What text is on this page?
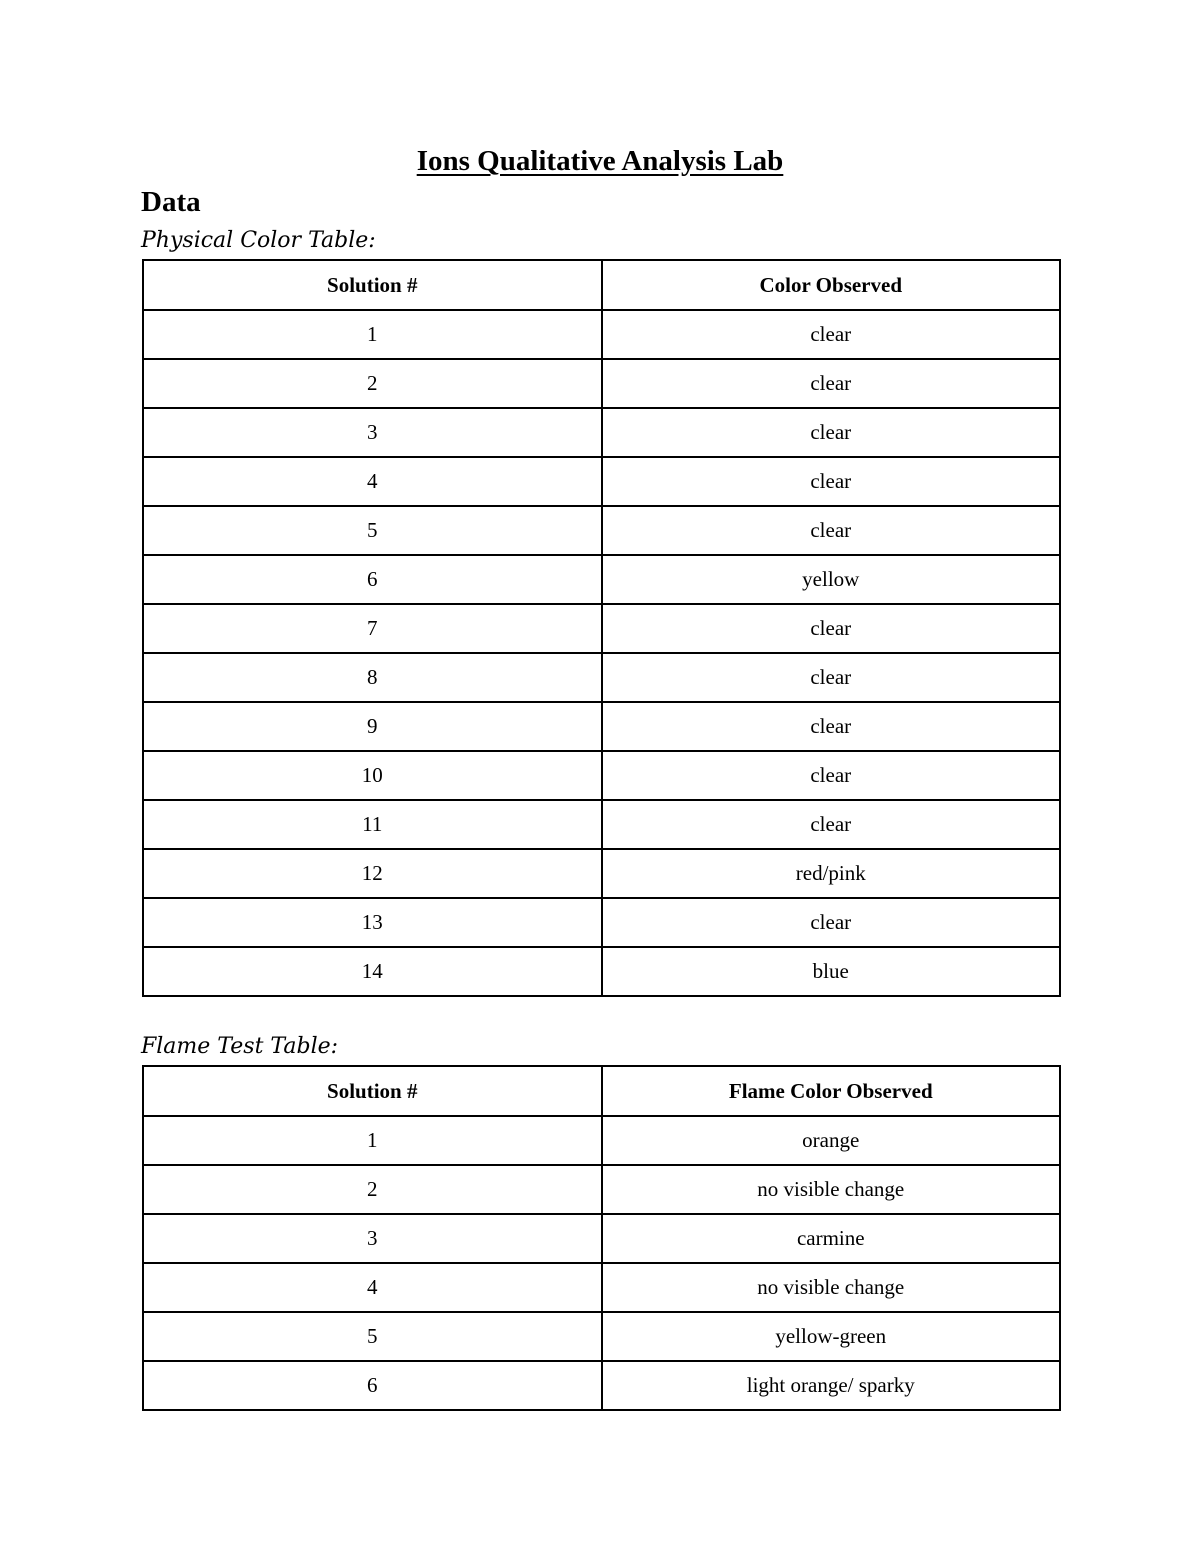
Ions Qualitative Analysis Lab
Data
Physical Color Table:
Solution #	Color Observed
1	clear
2	clear
3	clear
4	clear
5	clear
6	yellow
7	clear
8	clear
9	clear
10	clear
11	clear
12	red/pink
13	clear
14	blue
Flame Test Table:
Solution #	Flame Color Observed
1	orange
2	no visible change
3	carmine
4	no visible change
5	yellow-green
6	light orange/ sparky
